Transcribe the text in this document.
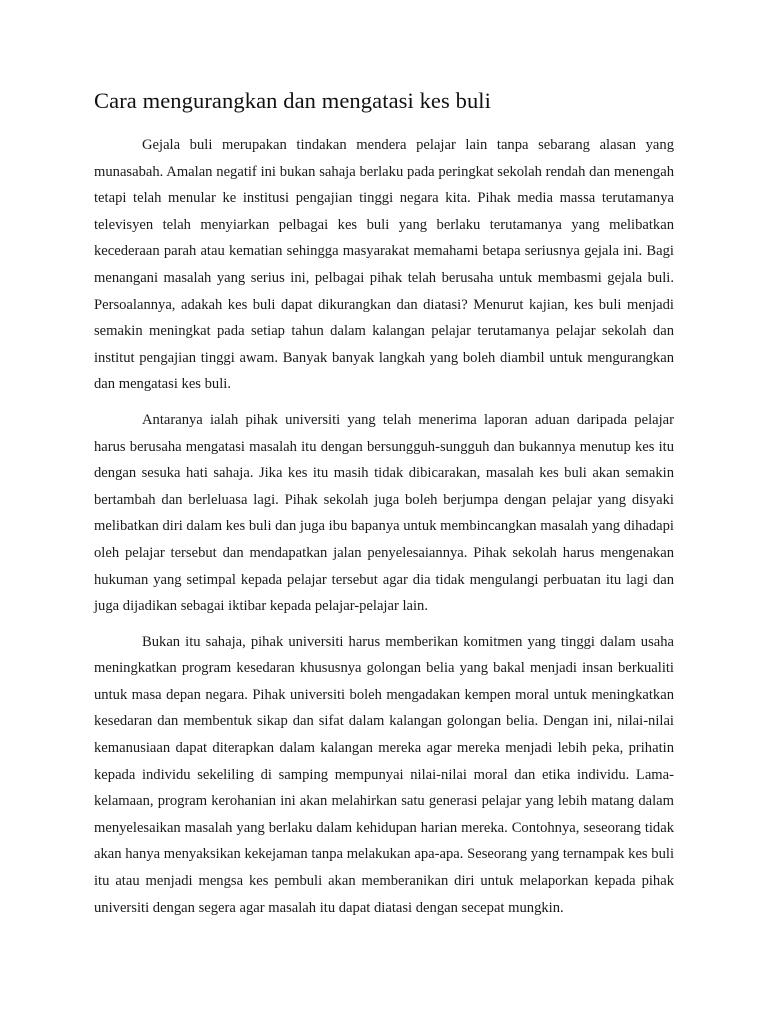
Cara mengurangkan dan mengatasi kes buli

Gejala buli merupakan tindakan mendera pelajar lain tanpa sebarang alasan yang munasabah. Amalan negatif ini bukan sahaja berlaku pada peringkat sekolah rendah dan menengah tetapi telah menular ke institusi pengajian tinggi negara kita. Pihak media massa terutamanya televisyen telah menyiarkan pelbagai kes buli yang berlaku terutamanya yang melibatkan kecederaan parah atau kematian sehingga masyarakat memahami betapa seriusnya gejala ini. Bagi menangani masalah yang serius ini, pelbagai pihak telah berusaha untuk membasmi gejala buli. Persoalannya, adakah kes buli dapat dikurangkan dan diatasi? Menurut kajian, kes buli menjadi semakin meningkat pada setiap tahun dalam kalangan pelajar terutamanya pelajar sekolah dan institut pengajian tinggi awam. Banyak banyak langkah yang boleh diambil untuk mengurangkan dan mengatasi kes buli.

Antaranya ialah pihak universiti yang telah menerima laporan aduan daripada pelajar harus berusaha mengatasi masalah itu dengan bersungguh-sungguh dan bukannya menutup kes itu dengan sesuka hati sahaja. Jika kes itu masih tidak dibicarakan, masalah kes buli akan semakin bertambah dan berleluasa lagi. Pihak sekolah juga boleh berjumpa dengan pelajar yang disyaki melibatkan diri dalam kes buli dan juga ibu bapanya untuk membincangkan masalah yang dihadapi oleh pelajar tersebut dan mendapatkan jalan penyelesaiannya. Pihak sekolah harus mengenakan hukuman yang setimpal kepada pelajar tersebut agar dia tidak mengulangi perbuatan itu lagi dan juga dijadikan sebagai iktibar kepada pelajar-pelajar lain.

Bukan itu sahaja, pihak universiti harus memberikan komitmen yang tinggi dalam usaha meningkatkan program kesedaran khususnya golongan belia yang bakal menjadi insan berkualiti untuk masa depan negara. Pihak universiti boleh mengadakan kempen moral untuk meningkatkan kesedaran dan membentuk sikap dan sifat dalam kalangan golongan belia. Dengan ini, nilai-nilai kemanusiaan dapat diterapkan dalam kalangan mereka agar mereka menjadi lebih peka, prihatin kepada individu sekeliling di samping mempunyai nilai-nilai moral dan etika individu. Lama-kelamaan, program kerohanian ini akan melahirkan satu generasi pelajar yang lebih matang dalam menyelesaikan masalah yang berlaku dalam kehidupan harian mereka. Contohnya, seseorang tidak akan hanya menyaksikan kekejaman tanpa melakukan apa-apa. Seseorang yang ternampak kes buli itu atau menjadi mengsa kes pembuli akan memberanikan diri untuk melaporkan kepada pihak universiti dengan segera agar masalah itu dapat diatasi dengan secepat mungkin.
